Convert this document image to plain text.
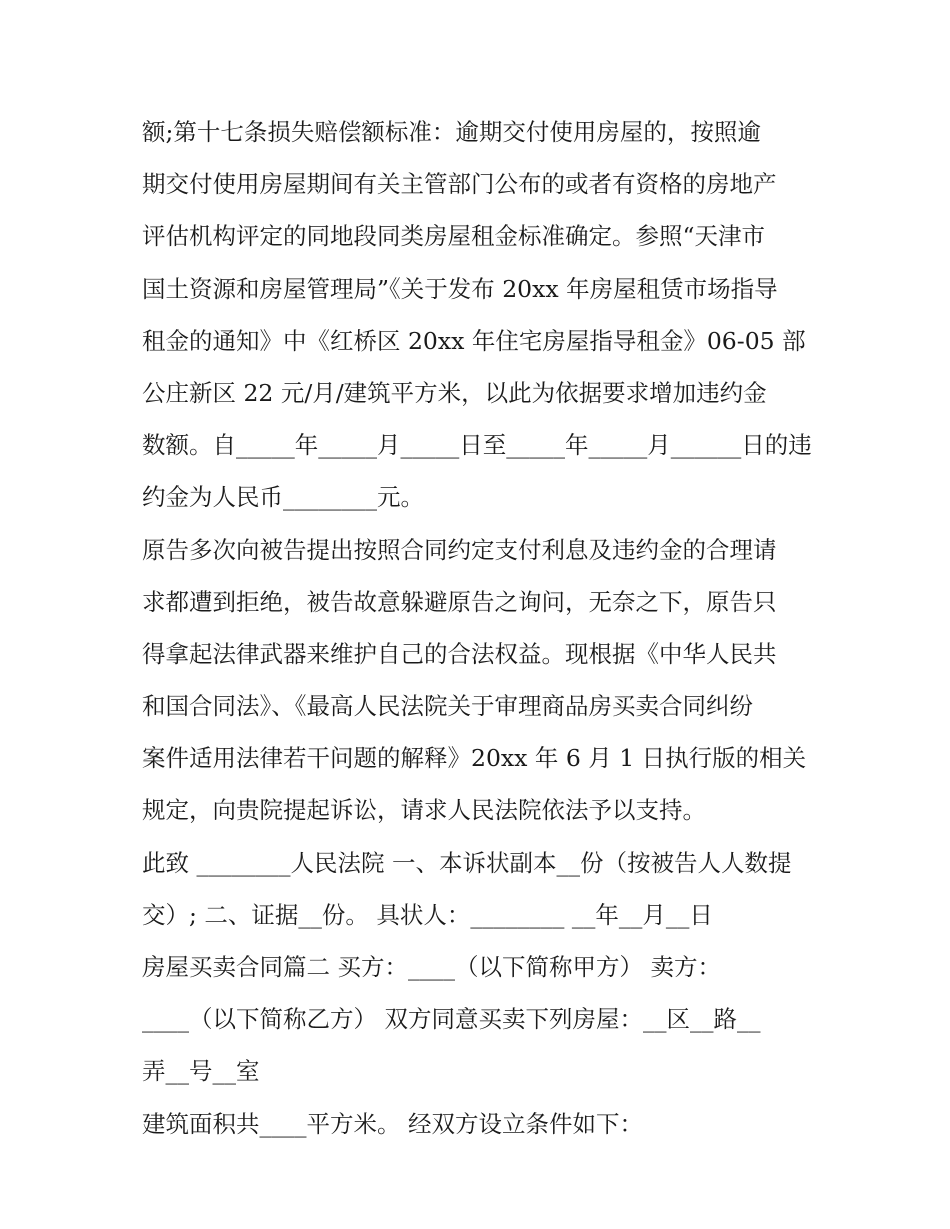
额;第十七条损失赔偿额标准：逾期交付使用房屋的，按照逾
期交付使用房屋期间有关主管部门公布的或者有资格的房地产
评估机构评定的同地段同类房屋租金标准确定。参照“天津市
国土资源和房屋管理局”《关于发布 20xx 年房屋租赁市场指导
租金的通知》中《红桥区 20xx 年住宅房屋指导租金》06-05 部
公庄新区 22 元/月/建筑平方米，以此为依据要求增加违约金
数额。自_____年_____月_____日至_____年_____月______日的违
约金为人民币________元。
原告多次向被告提出按照合同约定支付利息及违约金的合理请
求都遭到拒绝，被告故意躲避原告之询问，无奈之下，原告只
得拿起法律武器来维护自己的合法权益。现根据《中华人民共
和国合同法》、《最高人民法院关于审理商品房买卖合同纠纷
案件适用法律若干问题的解释》20xx 年 6 月 1 日执行版的相关
规定，向贵院提起诉讼，请求人民法院依法予以支持。
此致 ________人民法院 一、本诉状副本__份（按被告人人数提
交）; 二、证据__份。 具状人：________ __年__月__日
房屋买卖合同篇二 买方：____（以下简称甲方） 卖方：
____（以下简称乙方） 双方同意买卖下列房屋：__区__路__
弄__号__室
建筑面积共____平方米。 经双方设立条件如下：
